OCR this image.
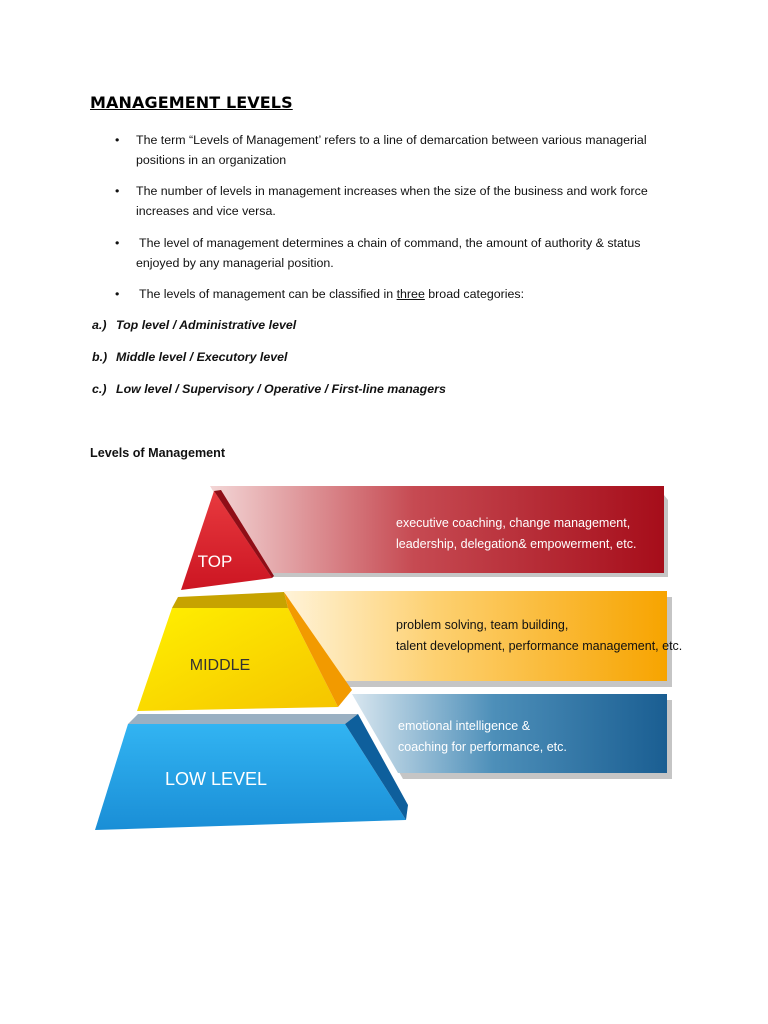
MANAGEMENT LEVELS
• The term “Levels of Management’ refers to a line of demarcation between various managerial
positions in an organization
• The number of levels in management increases when the size of the business and work force
increases and vice versa.
• The level of management determines a chain of command, the amount of authority & status
enjoyed by any managerial position.
• The levels of management can be classified in three broad categories:
a.) Top level / Administrative level
b.) Middle level / Executory level
c.) Low level / Supervisory / Operative / First-line managers
Levels of Management
TOP
MIDDLE
LOW LEVEL
executive coaching, change management,
leadership, delegation& empowerment, etc.
problem solving, team building,
talent development, performance management, etc.
emotional intelligence &
coaching for performance, etc.
